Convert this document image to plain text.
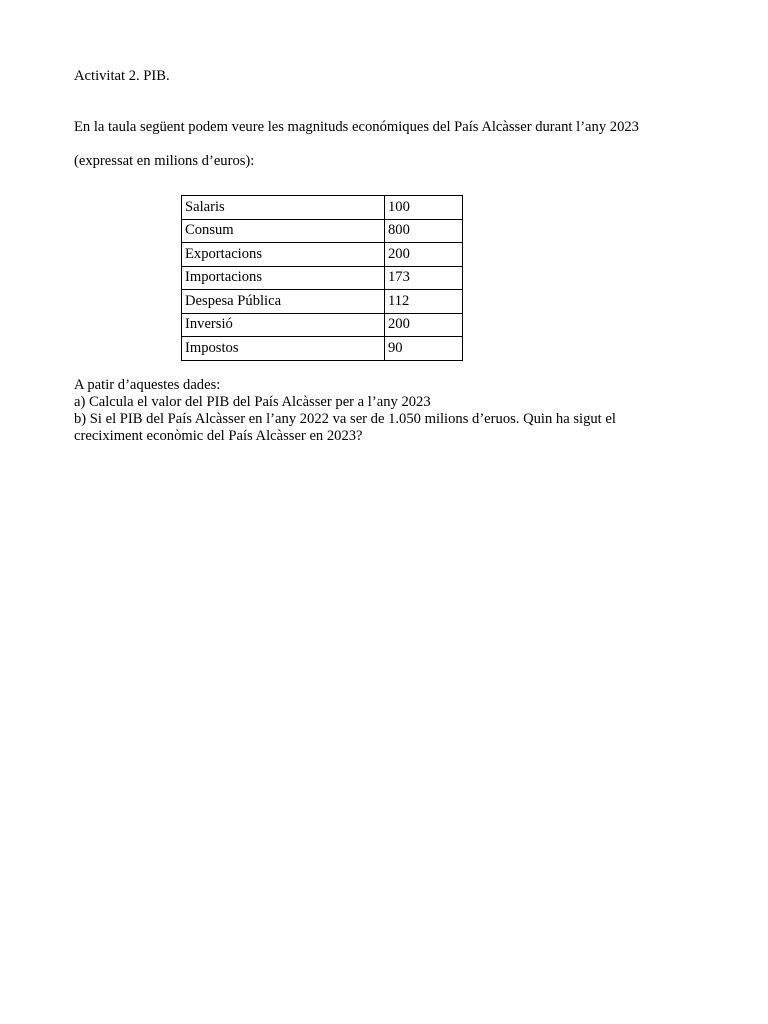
Activitat 2. PIB.

En la taula següent podem veure les magnituds económiques del País Alcàsser durant l’any 2023

(expressat en milions d’euros):

Salaris	100
Consum	800
Exportacions	200
Importacions	173
Despesa Pública	112
Inversió	200
Impostos	90

A patir d’aquestes dades:

a) Calcula el valor del PIB del País Alcàsser per a l’any 2023

b) Si el PIB del País Alcàsser en l’any 2022 va ser de 1.050 milions d’eruos. Quin ha sigut el

creciximent econòmic del País Alcàsser en 2023?
